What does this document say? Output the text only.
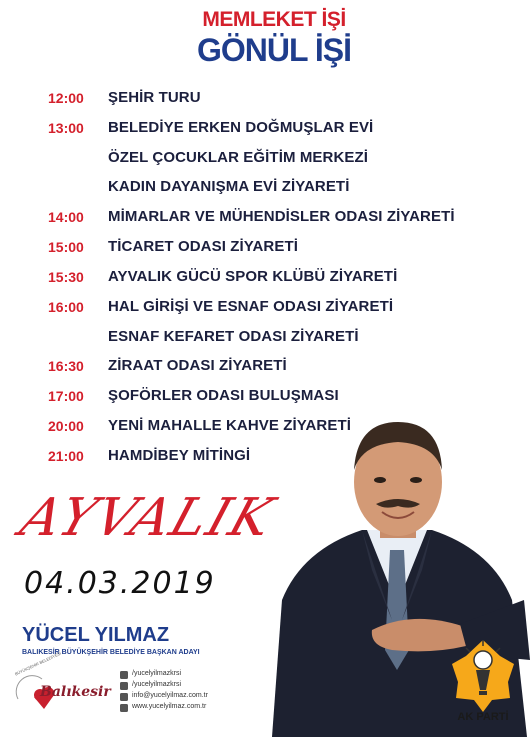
MEMLEKET İŞİ
GÖNÜL İŞİ
12:00	ŞEHİR TURU
13:00	BELEDİYE ERKEN DOĞMUŞLAR EVİ
ÖZEL ÇOCUKLAR EĞİTİM MERKEZİ
KADIN DAYANIŞMA EVİ ZİYARETİ
14:00	MİMARLAR VE MÜHENDİSLER ODASI ZİYARETİ
15:00	TİCARET ODASI ZİYARETİ
15:30	AYVALIK GÜCÜ SPOR KLÜBÜ ZİYARETİ
16:00	HAL GİRİŞİ VE ESNAF ODASI ZİYARETİ
ESNAF KEFARET ODASI ZİYARETİ
16:30	ZİRAAT ODASI ZİYARETİ
17:00	ŞOFÖRLER ODASI BULUŞMASI
20:00	YENİ MAHALLE KAHVE ZİYARETİ
21:00	HAMDİBEY MİTİNGİ
AYVALIK
04.03.2019
YÜCEL YILMAZ
BALIKESİR BÜYÜKŞEHİR BELEDİYE BAŞKAN ADAYI
BÜYÜKŞEHİR BELEDİYESİ
Balıkesir
/yucelyilmazkrsi
/yucelyilmazkrsi
info@yucelyilmaz.com.tr
www.yucelyilmaz.com.tr
AK PARTİ
